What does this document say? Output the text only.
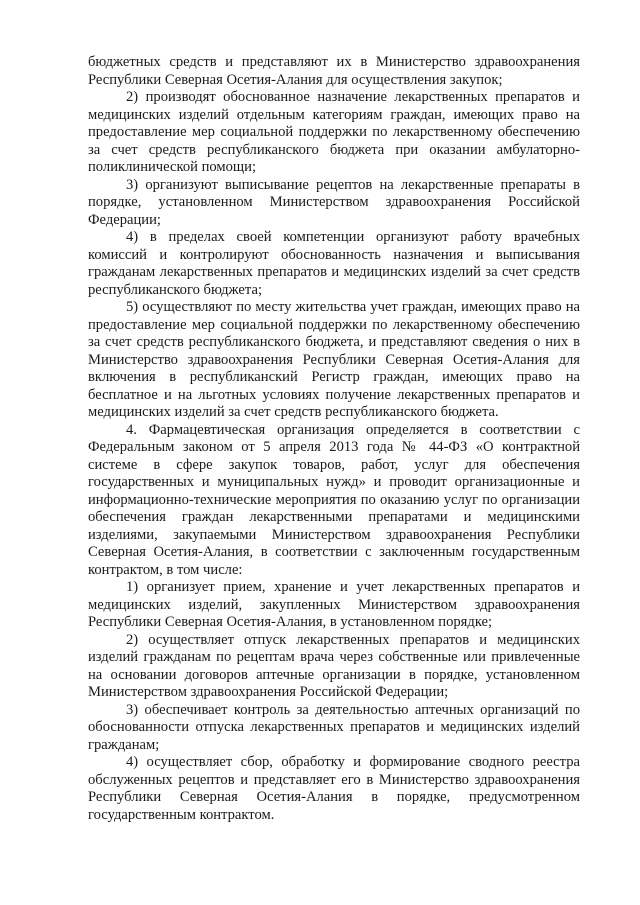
бюджетных средств и представляют их в Министерство здравоохранения Республики Северная Осетия-Алания для осуществления закупок;

2) производят обоснованное назначение лекарственных препаратов и медицинских изделий отдельным категориям граждан, имеющих право на предоставление мер социальной поддержки по лекарственному обеспечению за счет средств республиканского бюджета при оказании амбулаторно-поликлинической помощи;

3) организуют выписывание рецептов на лекарственные препараты в порядке, установленном Министерством здравоохранения Российской Федерации;

4) в пределах своей компетенции организуют работу врачебных комиссий и контролируют обоснованность назначения и выписывания гражданам лекарственных препаратов и медицинских изделий за счет средств республиканского бюджета;

5) осуществляют по месту жительства учет граждан, имеющих право на предоставление мер социальной поддержки по лекарственному обеспечению за счет средств республиканского бюджета, и представляют сведения о них в Министерство здравоохранения Республики Северная Осетия-Алания для включения в республиканский Регистр граждан, имеющих право на бесплатное и на льготных условиях получение лекарственных препаратов и медицинских изделий за счет средств республиканского бюджета.

4. Фармацевтическая организация определяется в соответствии с Федеральным законом от 5 апреля 2013 года № 44-ФЗ «О контрактной системе в сфере закупок товаров, работ, услуг для обеспечения государственных и муниципальных нужд» и проводит организационные и информационно-технические мероприятия по оказанию услуг по организации обеспечения граждан лекарственными препаратами и медицинскими изделиями, закупаемыми Министерством здравоохранения Республики Северная Осетия-Алания, в соответствии с заключенным государственным контрактом, в том числе:

1) организует прием, хранение и учет лекарственных препаратов и медицинских изделий, закупленных Министерством здравоохранения Республики Северная Осетия-Алания, в установленном порядке;

2) осуществляет отпуск лекарственных препаратов и медицинских изделий гражданам по рецептам врача через собственные или привлеченные на основании договоров аптечные организации в порядке, установленном Министерством здравоохранения Российской Федерации;

3) обеспечивает контроль за деятельностью аптечных организаций по обоснованности отпуска лекарственных препаратов и медицинских изделий гражданам;

4) осуществляет сбор, обработку и формирование сводного реестра обслуженных рецептов и представляет его в Министерство здравоохранения Республики Северная Осетия-Алания в порядке, предусмотренном государственным контрактом.
